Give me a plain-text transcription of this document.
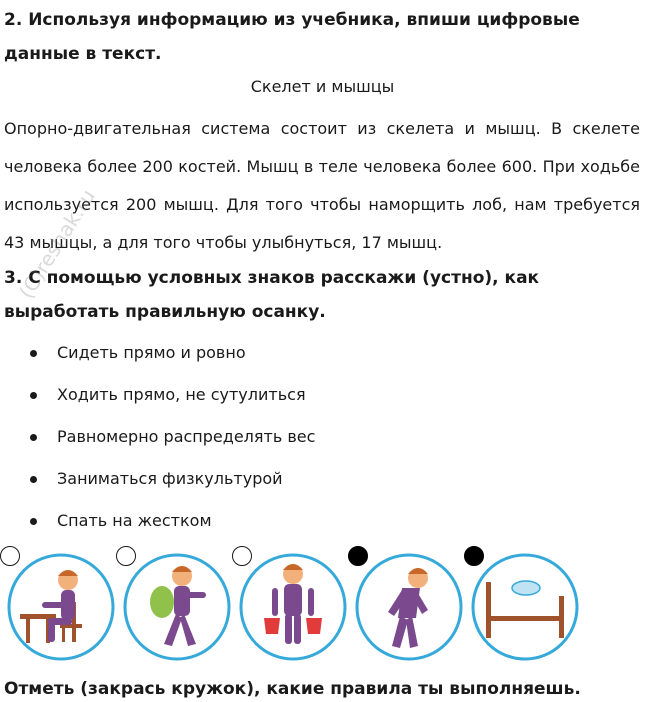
2. Используя информацию из учебника, впиши цифровые
данные в текст.
Скелет и мышцы
Опорно-двигательная система состоит из скелета и мышц. В скелете человека более 200 костей. Мышц в теле человека более 600. При ходьбе используется 200 мышц. Для того чтобы наморщить лоб, нам требуется 43 мышцы, а для того чтобы улыбнуться, 17 мышц.
3. С помощью условных знаков расскажи (устно), как
выработать правильную осанку.
Сидеть прямо и ровно
Ходить прямо, не сутулиться
Равномерно распределять вес
Заниматься физкультурой
Спать на жестком
(C)reshak.ru
Отметь (закрась кружок), какие правила ты выполняешь.
